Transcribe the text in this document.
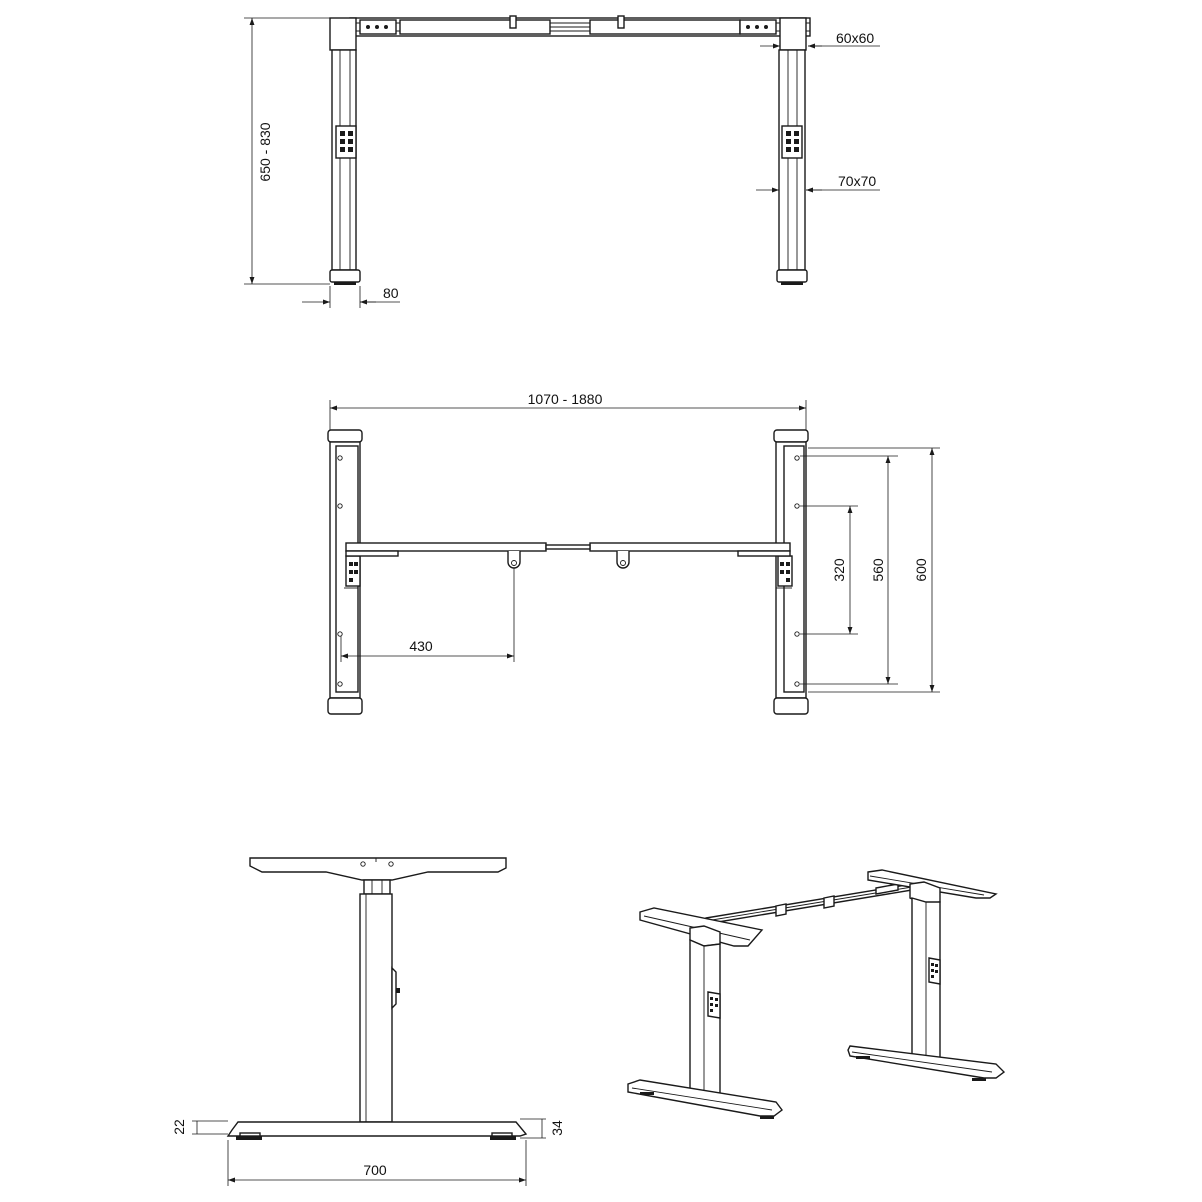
650 - 830
60x60
70x70
80
1070 - 1880
430
320 560 600
22	34
700
